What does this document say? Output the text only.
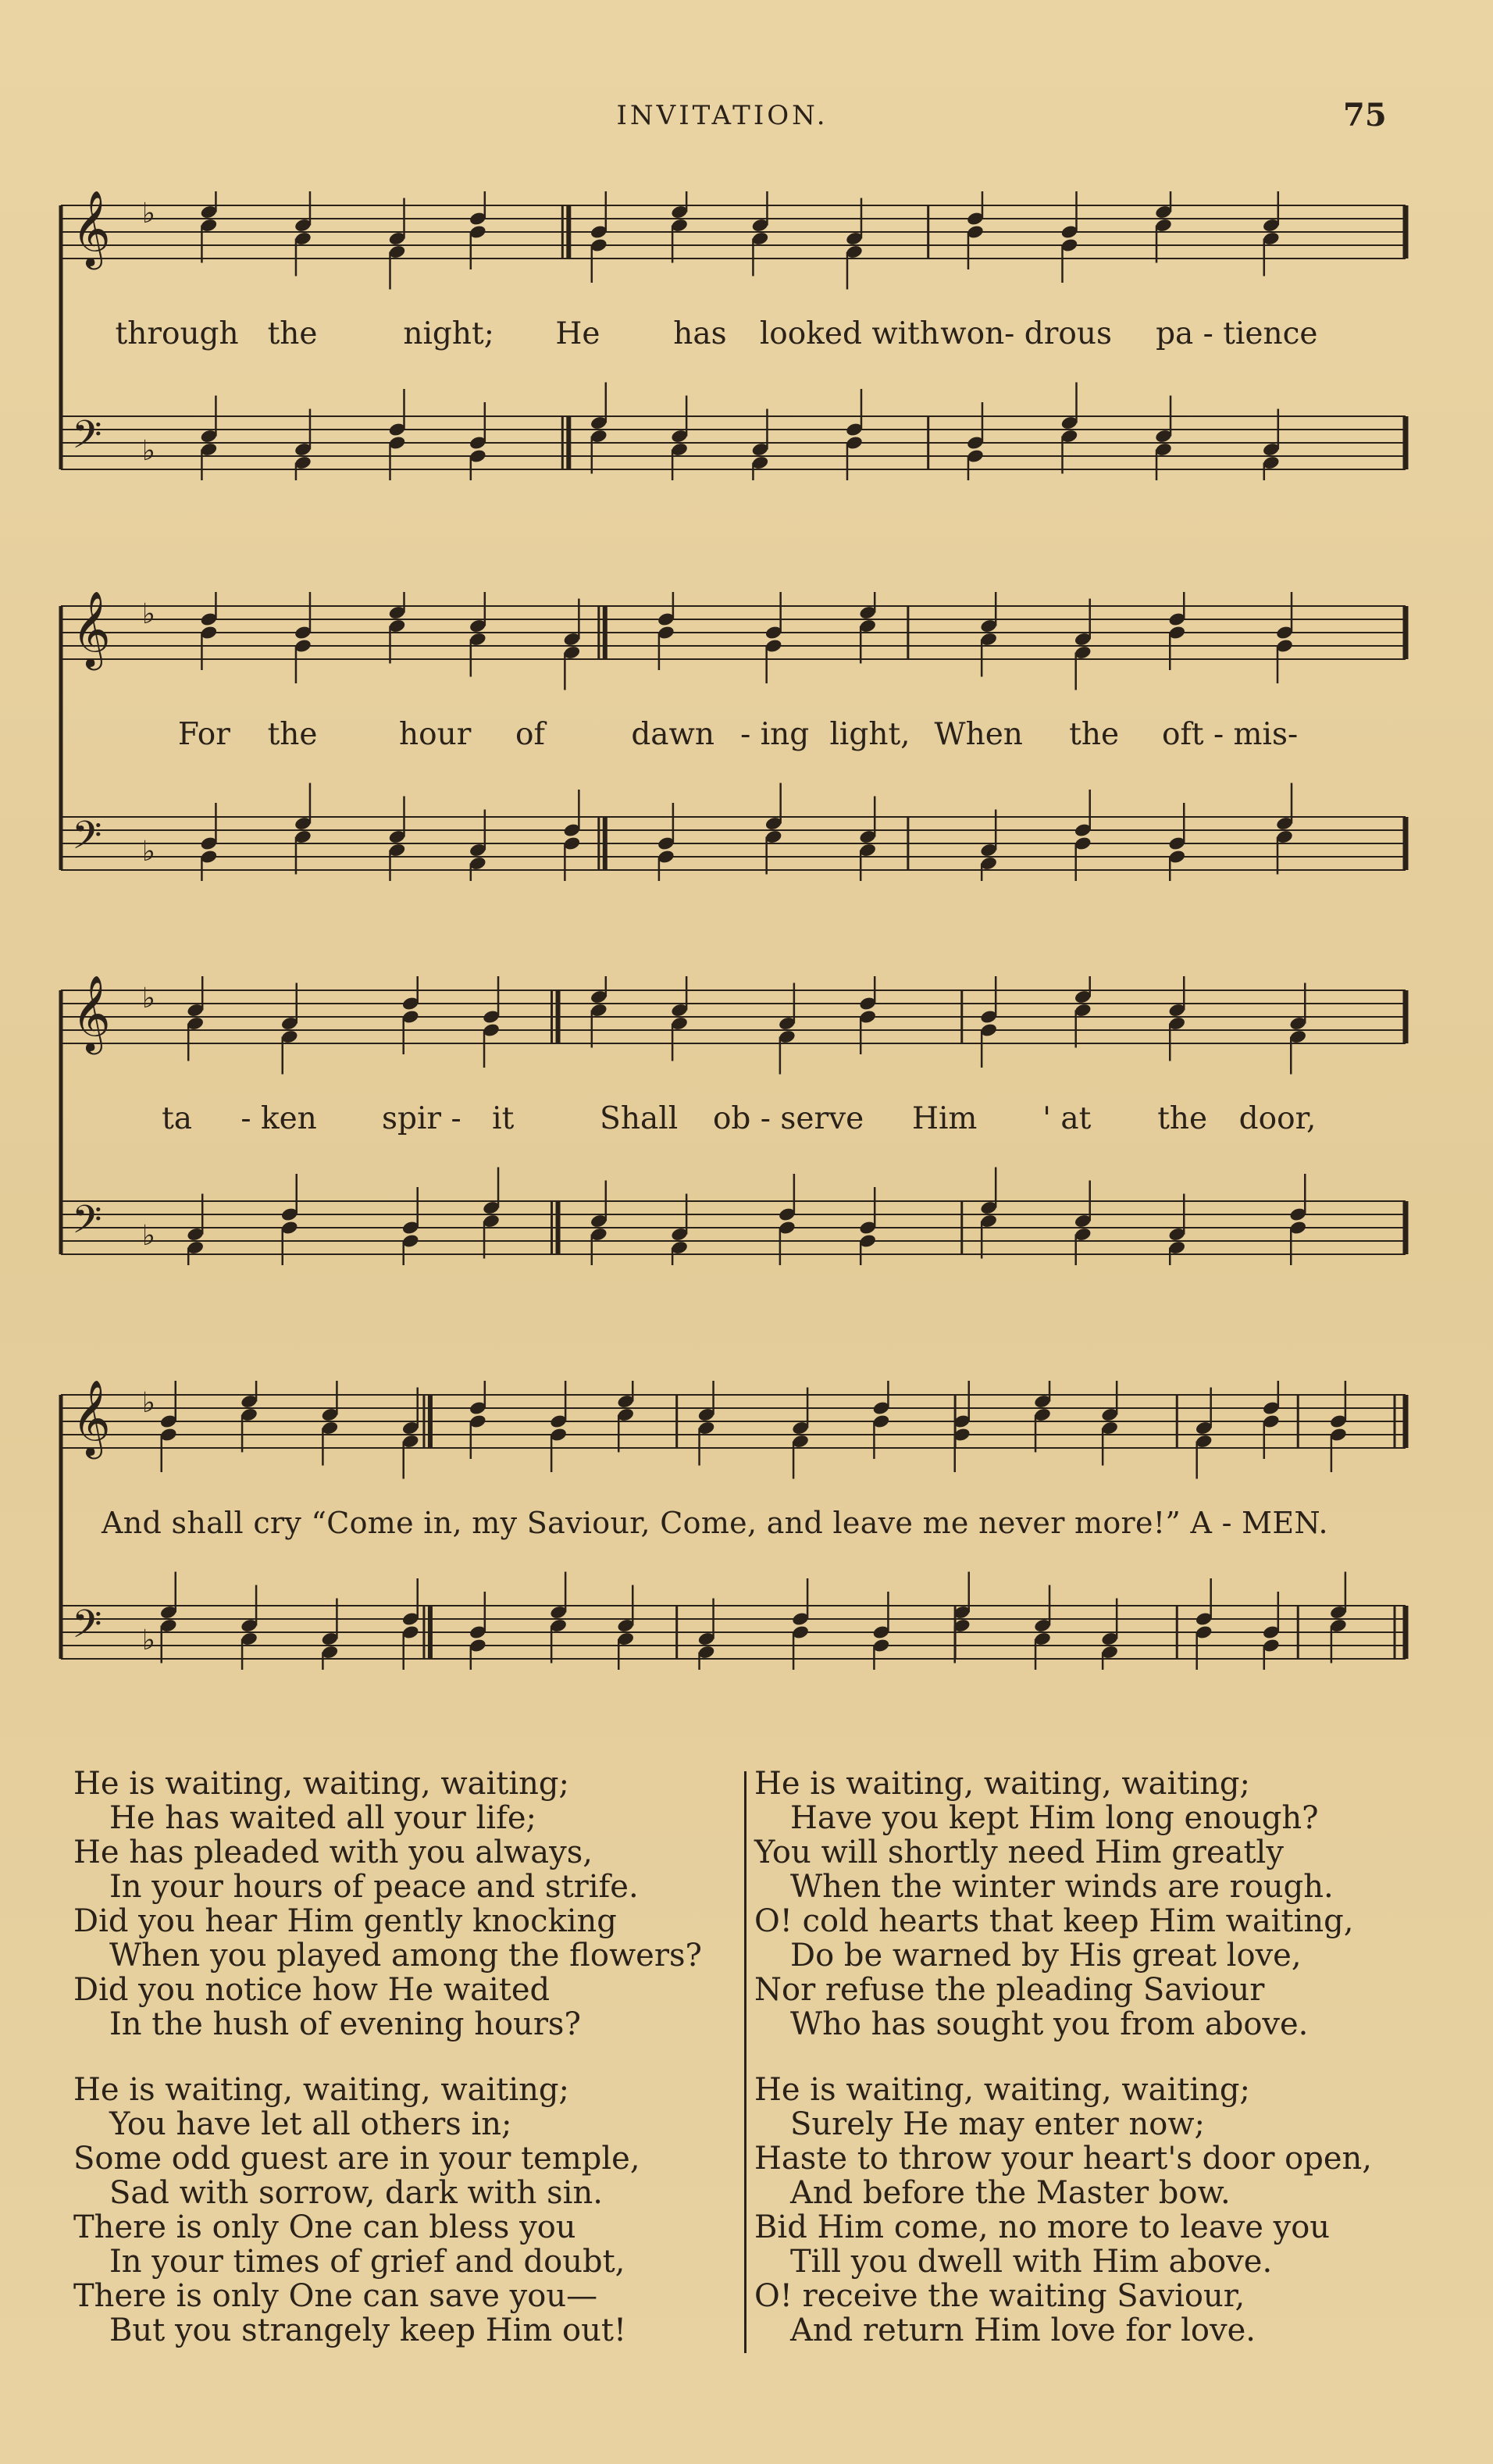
INVITATION.	75
𝄞 ♭
𝄢 ♭
through the	night; He has looked with won- drous pa - tience
𝄞 ♭
𝄢 ♭
For the	hour of	dawn - ing light, When the oft - mis-
𝄞 ♭
𝄢 ♭
ta - ken spir - it	Shall ob - serve Him ' at the door,
𝄞 ♭
𝄢 ♭
And shall cry “Come in, my Saviour, Come, and leave me never more!” A - MEN.
He is waiting, waiting, waiting;
He has waited all your life;
He has pleaded with you always,
In your hours of peace and strife.
Did you hear Him gently knocking
When you played among the flowers?
Did you notice how He waited
In the hush of evening hours?
He is waiting, waiting, waiting;
You have let all others in;
Some odd guest are in your temple,
Sad with sorrow, dark with sin.
There is only One can bless you
In your times of grief and doubt,
There is only One can save you—
But you strangely keep Him out!
He is waiting, waiting, waiting;
Have you kept Him long enough?
You will shortly need Him greatly
When the winter winds are rough.
O! cold hearts that keep Him waiting,
Do be warned by His great love,
Nor refuse the pleading Saviour
Who has sought you from above.
He is waiting, waiting, waiting;
Surely He may enter now;
Haste to throw your heart's door open,
And before the Master bow.
Bid Him come, no more to leave you
Till you dwell with Him above.
O! receive the waiting Saviour,
And return Him love for love.
